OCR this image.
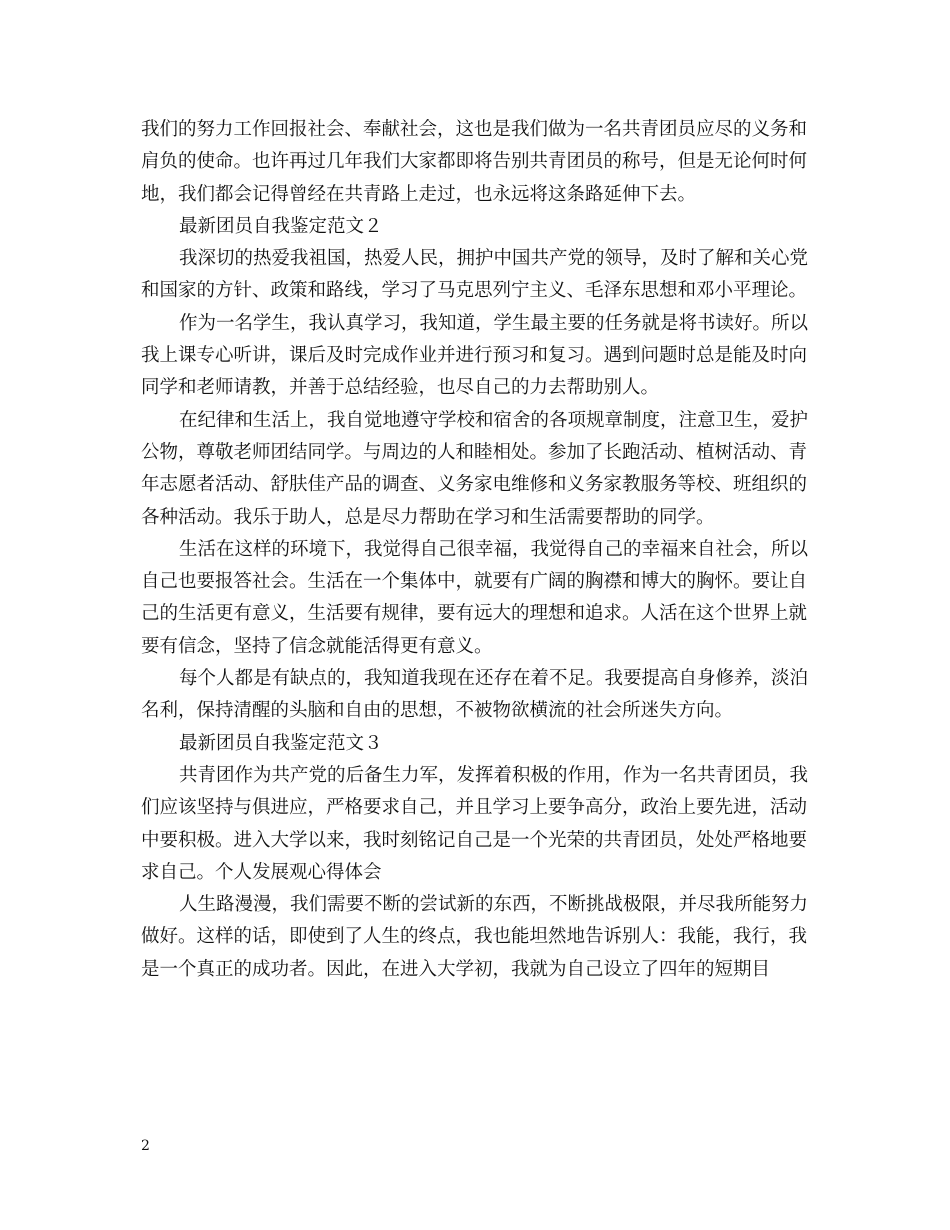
我们的努力工作回报社会、奉献社会，这也是我们做为一名共青团员应尽的义务和肩负的使命。也许再过几年我们大家都即将告别共青团员的称号，但是无论何时何地，我们都会记得曾经在共青路上走过，也永远将这条路延伸下去。

最新团员自我鉴定范文２

我深切的热爱我祖国，热爱人民，拥护中国共产党的领导，及时了解和关心党和国家的方针、政策和路线，学习了马克思列宁主义、毛泽东思想和邓小平理论。

作为一名学生，我认真学习，我知道，学生最主要的任务就是将书读好。所以我上课专心听讲，课后及时完成作业并进行预习和复习。遇到问题时总是能及时向同学和老师请教，并善于总结经验，也尽自己的力去帮助别人。

在纪律和生活上，我自觉地遵守学校和宿舍的各项规章制度，注意卫生，爱护公物，尊敬老师团结同学。与周边的人和睦相处。参加了长跑活动、植树活动、青年志愿者活动、舒肤佳产品的调查、义务家电维修和义务家教服务等校、班组织的各种活动。我乐于助人，总是尽力帮助在学习和生活需要帮助的同学。

生活在这样的环境下，我觉得自己很幸福，我觉得自己的幸福来自社会，所以自己也要报答社会。生活在一个集体中，就要有广阔的胸襟和博大的胸怀。要让自己的生活更有意义，生活要有规律，要有远大的理想和追求。人活在这个世界上就要有信念，坚持了信念就能活得更有意义。

每个人都是有缺点的，我知道我现在还存在着不足。我要提高自身修养，淡泊名利，保持清醒的头脑和自由的思想，不被物欲横流的社会所迷失方向。

最新团员自我鉴定范文３

共青团作为共产党的后备生力军，发挥着积极的作用，作为一名共青团员，我们应该坚持与俱进应，严格要求自己，并且学习上要争高分，政治上要先进，活动中要积极。进入大学以来，我时刻铭记自己是一个光荣的共青团员，处处严格地要求自己。个人发展观心得体会

人生路漫漫，我们需要不断的尝试新的东西，不断挑战极限，并尽我所能努力做好。这样的话，即使到了人生的终点，我也能坦然地告诉别人：我能，我行，我是一个真正的成功者。因此，在进入大学初，我就为自己设立了四年的短期目

2
